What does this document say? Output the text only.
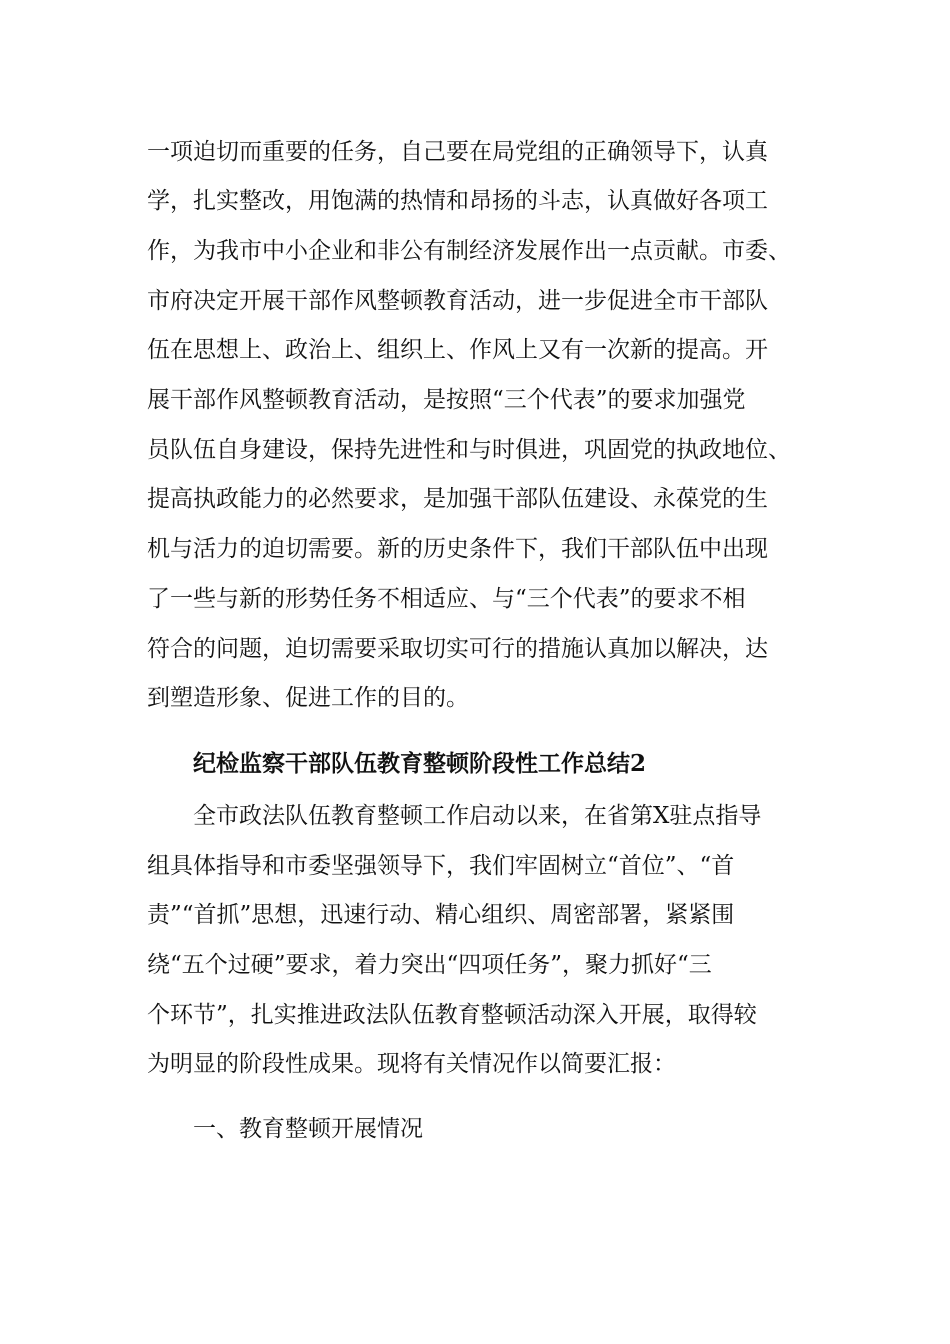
一项迫切而重要的任务，自己要在局党组的正确领导下，认真

学，扎实整改，用饱满的热情和昂扬的斗志，认真做好各项工

作，为我市中小企业和非公有制经济发展作出一点贡献。市委、

市府决定开展干部作风整顿教育活动，进一步促进全市干部队

伍在思想上、政治上、组织上、作风上又有一次新的提高。开

展干部作风整顿教育活动，是按照“三个代表”的要求加强党

员队伍自身建设，保持先进性和与时俱进，巩固党的执政地位、

提高执政能力的必然要求，是加强干部队伍建设、永葆党的生

机与活力的迫切需要。新的历史条件下，我们干部队伍中出现

了一些与新的形势任务不相适应、与“三个代表”的要求不相

符合的问题，迫切需要采取切实可行的措施认真加以解决，达

到塑造形象、促进工作的目的。

纪检监察干部队伍教育整顿阶段性工作总结2

全市政法队伍教育整顿工作启动以来，在省第X驻点指导

组具体指导和市委坚强领导下，我们牢固树立“首位”、“首

责”“首抓”思想，迅速行动、精心组织、周密部署，紧紧围

绕“五个过硬”要求，着力突出“四项任务”，聚力抓好“三

个环节”，扎实推进政法队伍教育整顿活动深入开展，取得较

为明显的阶段性成果。现将有关情况作以简要汇报：

一、教育整顿开展情况
